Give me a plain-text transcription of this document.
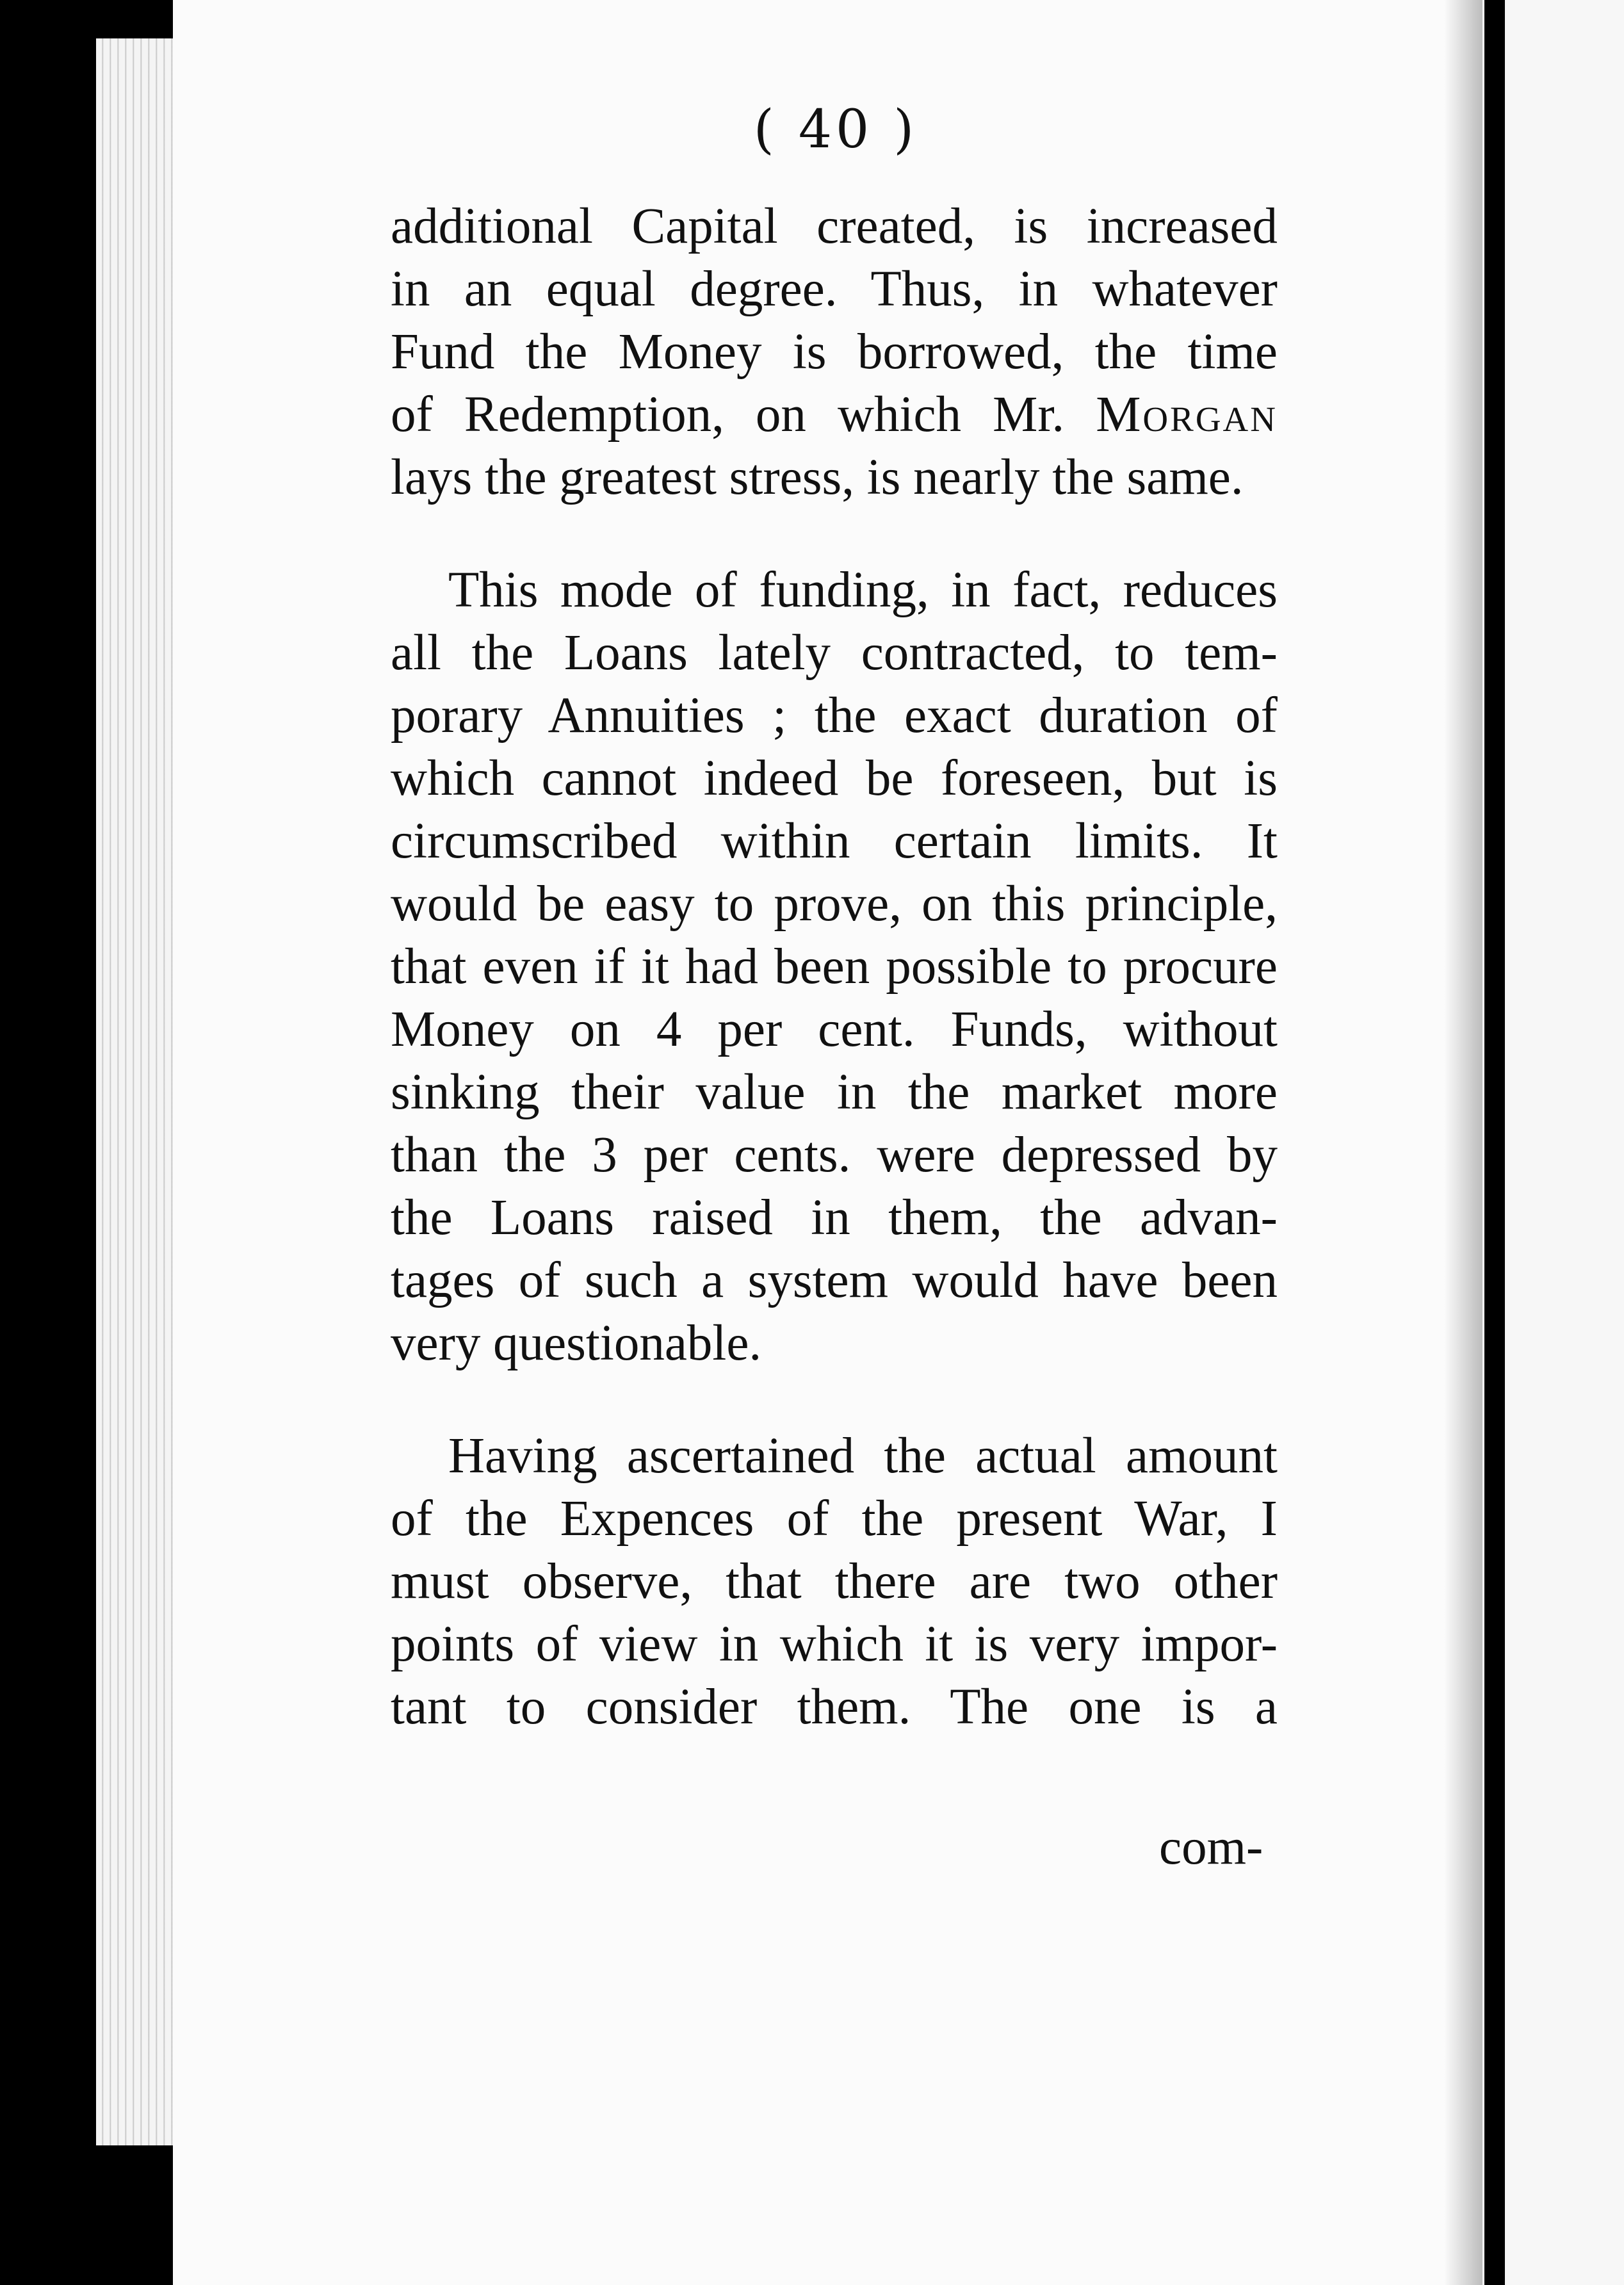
( 40 )
additional Capital created, is increased
in an equal degree. Thus, in whatever
Fund the Money is borrowed, the time
of Redemption, on which Mr. Morgan
lays the greatest stress, is nearly the same.
This mode of funding, in fact, reduces
all the Loans lately contracted, to tem-
porary Annuities ; the exact duration of
which cannot indeed be foreseen, but is
circumscribed within certain limits. It
would be easy to prove, on this principle,
that even if it had been possible to procure
Money on 4 per cent. Funds, without
sinking their value in the market more
than the 3 per cents. were depressed by
the Loans raised in them, the advan-
tages of such a system would have been
very questionable.
Having ascertained the actual amount
of the Expences of the present War, I
must observe, that there are two other
points of view in which it is very impor-
tant to consider them. The one is a
com-
